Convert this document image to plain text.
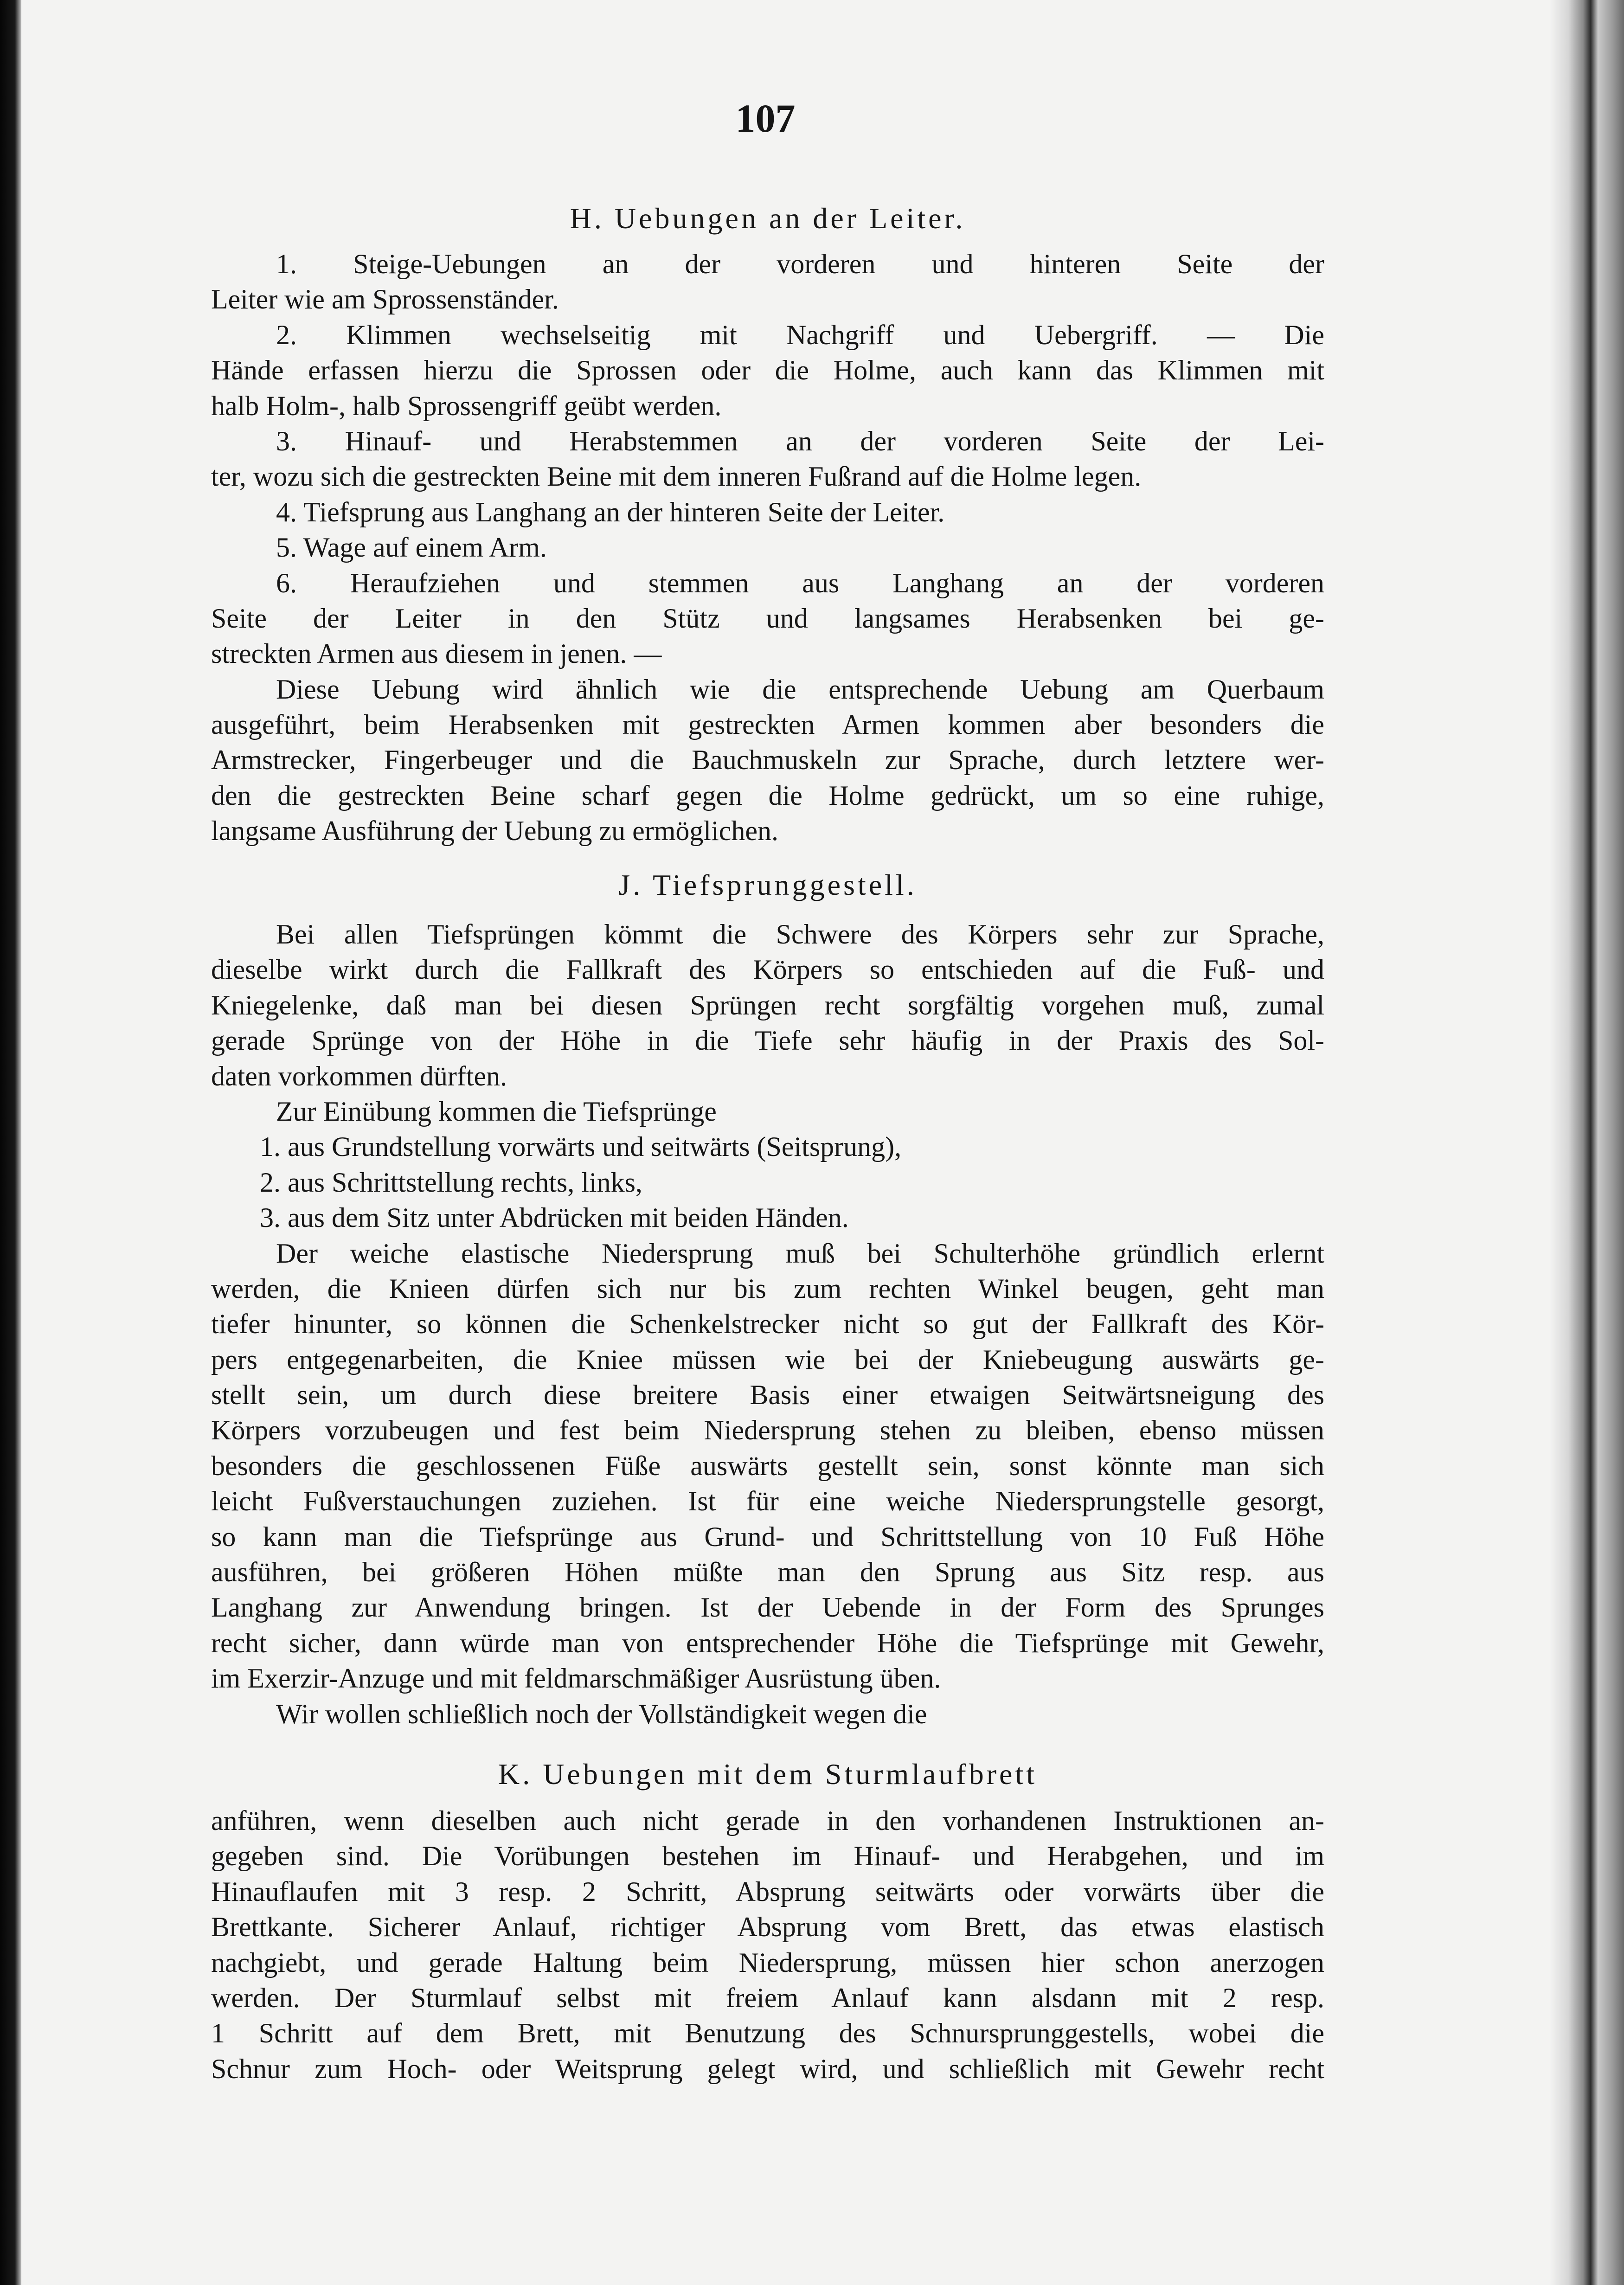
107
H. Uebungen an der Leiter.
1. Steige-Uebungen an der vorderen und hinteren Seite der
Leiter wie am Sprossenständer.
2. Klimmen wechselseitig mit Nachgriff und Uebergriff. — Die
Hände erfassen hierzu die Sprossen oder die Holme, auch kann das Klimmen mit
halb Holm-, halb Sprossengriff geübt werden.
3. Hinauf- und Herabstemmen an der vorderen Seite der Lei-
ter, wozu sich die gestreckten Beine mit dem inneren Fußrand auf die Holme legen.
4. Tiefsprung aus Langhang an der hinteren Seite der Leiter.
5. Wage auf einem Arm.
6. Heraufziehen und stemmen aus Langhang an der vorderen
Seite der Leiter in den Stütz und langsames Herabsenken bei ge-
streckten Armen aus diesem in jenen. —
Diese Uebung wird ähnlich wie die entsprechende Uebung am Querbaum
ausgeführt, beim Herabsenken mit gestreckten Armen kommen aber besonders die
Armstrecker, Fingerbeuger und die Bauchmuskeln zur Sprache, durch letztere wer-
den die gestreckten Beine scharf gegen die Holme gedrückt, um so eine ruhige,
langsame Ausführung der Uebung zu ermöglichen.
J. Tiefsprunggestell.
Bei allen Tiefsprüngen kömmt die Schwere des Körpers sehr zur Sprache,
dieselbe wirkt durch die Fallkraft des Körpers so entschieden auf die Fuß- und
Kniegelenke, daß man bei diesen Sprüngen recht sorgfältig vorgehen muß, zumal
gerade Sprünge von der Höhe in die Tiefe sehr häufig in der Praxis des Sol-
daten vorkommen dürften.
Zur Einübung kommen die Tiefsprünge
1. aus Grundstellung vorwärts und seitwärts (Seitsprung),
2. aus Schrittstellung rechts, links,
3. aus dem Sitz unter Abdrücken mit beiden Händen.
Der weiche elastische Niedersprung muß bei Schulterhöhe gründlich erlernt
werden, die Knieen dürfen sich nur bis zum rechten Winkel beugen, geht man
tiefer hinunter, so können die Schenkelstrecker nicht so gut der Fallkraft des Kör-
pers entgegenarbeiten, die Kniee müssen wie bei der Kniebeugung auswärts ge-
stellt sein, um durch diese breitere Basis einer etwaigen Seitwärtsneigung des
Körpers vorzubeugen und fest beim Niedersprung stehen zu bleiben, ebenso müssen
besonders die geschlossenen Füße auswärts gestellt sein, sonst könnte man sich
leicht Fußverstauchungen zuziehen. Ist für eine weiche Niedersprungstelle gesorgt,
so kann man die Tiefsprünge aus Grund- und Schrittstellung von 10 Fuß Höhe
ausführen, bei größeren Höhen müßte man den Sprung aus Sitz resp. aus
Langhang zur Anwendung bringen. Ist der Uebende in der Form des Sprunges
recht sicher, dann würde man von entsprechender Höhe die Tiefsprünge mit Gewehr,
im Exerzir-Anzuge und mit feldmarschmäßiger Ausrüstung üben.
Wir wollen schließlich noch der Vollständigkeit wegen die
K. Uebungen mit dem Sturmlaufbrett
anführen, wenn dieselben auch nicht gerade in den vorhandenen Instruktionen an-
gegeben sind. Die Vorübungen bestehen im Hinauf- und Herabgehen, und im
Hinauflaufen mit 3 resp. 2 Schritt, Absprung seitwärts oder vorwärts über die
Brettkante. Sicherer Anlauf, richtiger Absprung vom Brett, das etwas elastisch
nachgiebt, und gerade Haltung beim Niedersprung, müssen hier schon anerzogen
werden. Der Sturmlauf selbst mit freiem Anlauf kann alsdann mit 2 resp.
1 Schritt auf dem Brett, mit Benutzung des Schnursprunggestells, wobei die
Schnur zum Hoch- oder Weitsprung gelegt wird, und schließlich mit Gewehr recht
